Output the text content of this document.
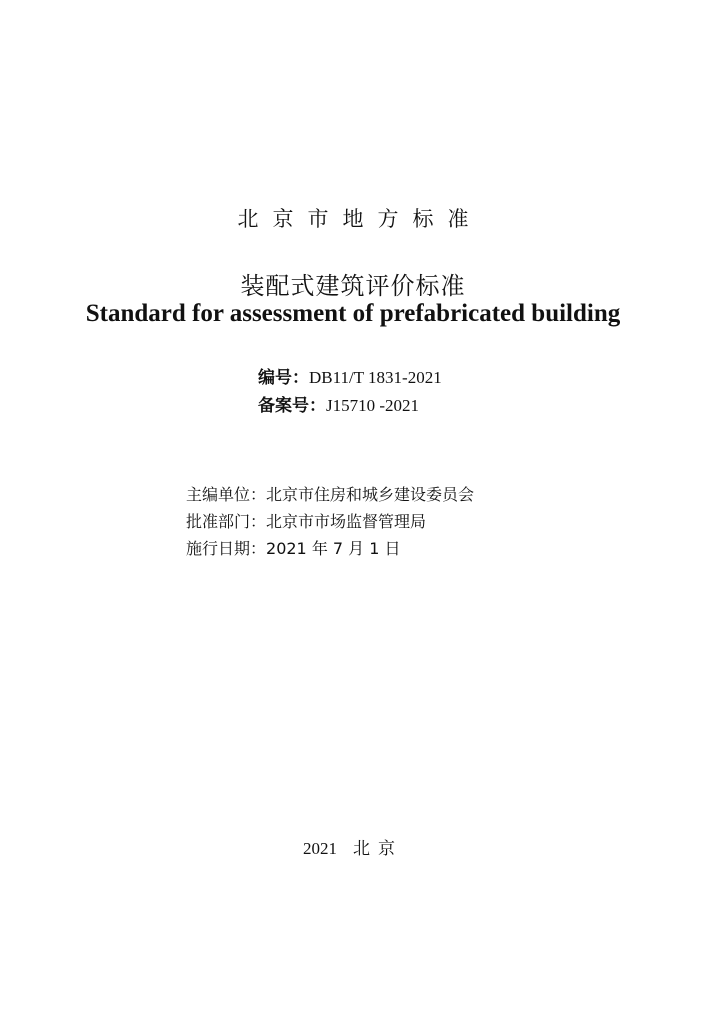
北京市地方标准
装配式建筑评价标准
Standard for assessment of prefabricated building
编号：DB11/T 1831-2021
备案号：J15710 -2021
主编单位：北京市住房和城乡建设委员会
批准部门：北京市市场监督管理局
施行日期：2021 年 7 月 1 日
2021 北京
